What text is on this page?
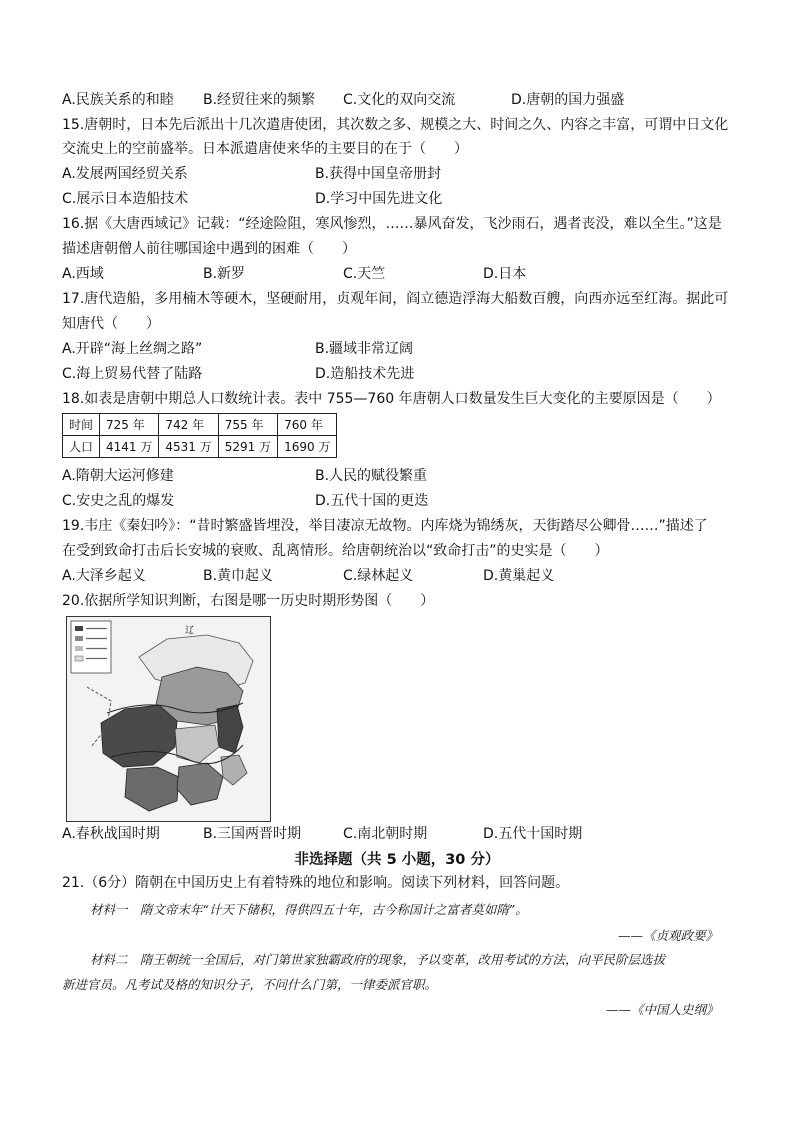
A.民族关系的和睦 B.经贸往来的频繁 C.文化的双向交流	D.唐朝的国力强盛
15.唐朝时，日本先后派出十几次遣唐使团，其次数之多、规模之大、时间之久、内容之丰富，可谓中日文化
交流史上的空前盛举。日本派遣唐使来华的主要目的在于（　　）
A.发展两国经贸关系	B.获得中国皇帝册封
C.展示日本造船技术	D.学习中国先进文化
16.据《大唐西域记》记载：“经途险阻，寒风惨烈，……暴风奋发，飞沙雨石，遇者丧没，难以全生。”这是
描述唐朝僧人前往哪国途中遇到的困难（　　）
A.西域	B.新罗	C.天竺	D.日本
17.唐代造船，多用楠木等硬木，坚硬耐用，贞观年间，阎立德造浮海大船数百艘，向西亦远至红海。据此可
知唐代（　　）
A.开辟“海上丝绸之路”	B.疆域非常辽阔
C.海上贸易代替了陆路	D.造船技术先进
18.如表是唐朝中期总人口数统计表。表中 755—760 年唐朝人口数量发生巨大变化的主要原因是（　　）
时间	725 年	742 年	755 年	760 年
人口	4141 万	4531 万	5291 万	1690 万
A.隋朝大运河修建	B.人民的赋役繁重
C.安史之乱的爆发	D.五代十国的更迭
19.韦庄《秦妇吟》：“昔时繁盛皆埋没，举目凄凉无故物。内库烧为锦绣灰，天街踏尽公卿骨……”描述了
在受到致命打击后长安城的衰败、乱离情形。给唐朝统治以“致命打击”的史实是（　　）
A.大泽乡起义	B.黄巾起义	C.绿林起义	D.黄巢起义
20.依据所学知识判断，右图是哪一历史时期形势图（　　）
辽
A.春秋战国时期	B.三国两晋时期	C.南北朝时期	D.五代十国时期
非选择题（共 5 小题，30 分）
21.（6分）隋朝在中国历史上有着特殊的地位和影响。阅读下列材料，回答问题。
材料一　隋文帝末年“计天下储积，得供四五十年，古今称国计之富者莫如隋”。
——《贞观政要》
材料二　隋王朝统一全国后，对门第世家独霸政府的现象，予以变革，改用考试的方法，向平民阶层选拔
新进官员。凡考试及格的知识分子，不问什么门第，一律委派官职。
——《中国人史纲》
